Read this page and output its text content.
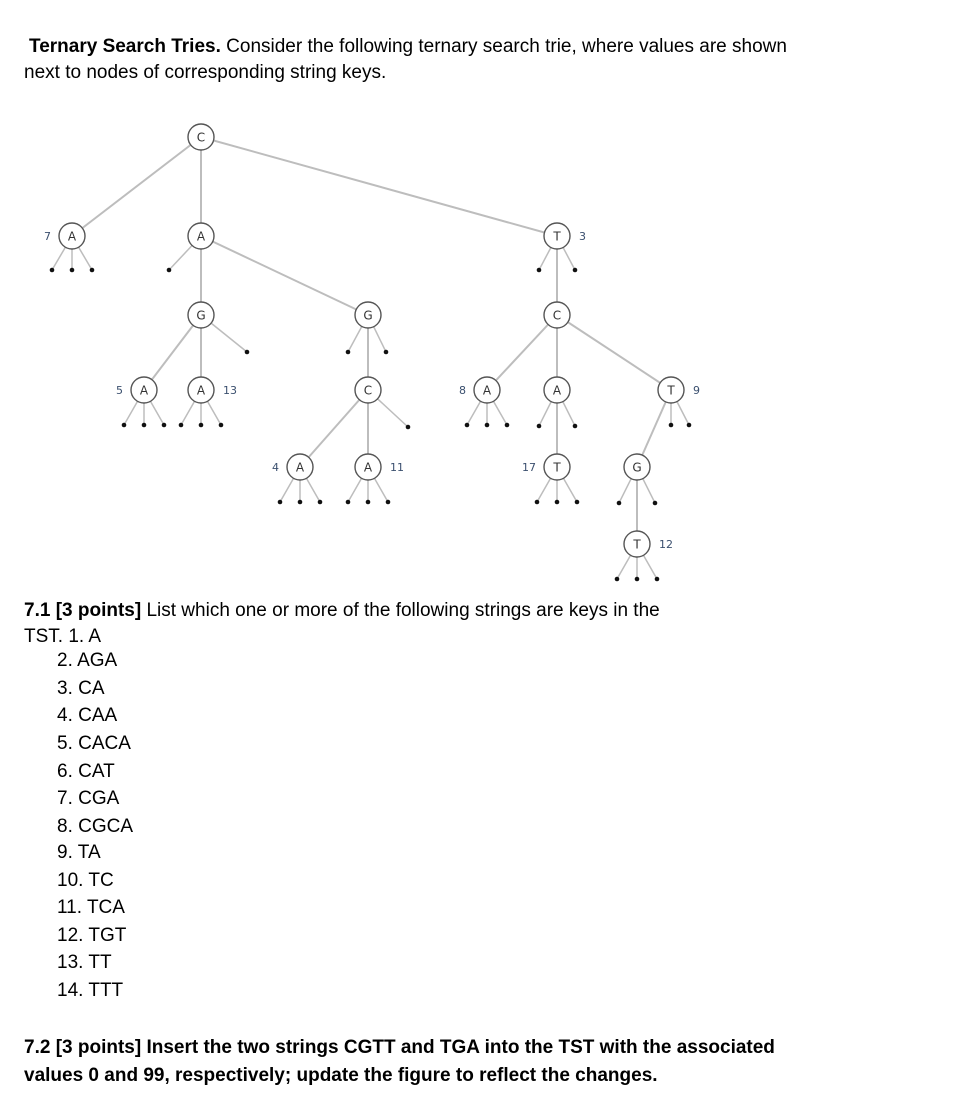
Ternary Search Tries. Consider the following ternary search trie, where values are shown
next to nodes of corresponding string keys.
C
A
7	A	T 3
G	G	C
A
5	A 13	C	A
8	A	T 9
A
4	A 11	T
17	G
T 12
7.1 [3 points] List which one or more of the following strings are keys in the
TST. 1. A
2. AGA
3. CA
4. CAA
5. CACA
6. CAT
7. CGA
8. CGCA
9. TA
10. TC
11. TCA
12. TGT
13. TT
14. TTT
7.2 [3 points] Insert the two strings CGTT and TGA into the TST with the associated
values 0 and 99, respectively; update the figure to reflect the changes.
